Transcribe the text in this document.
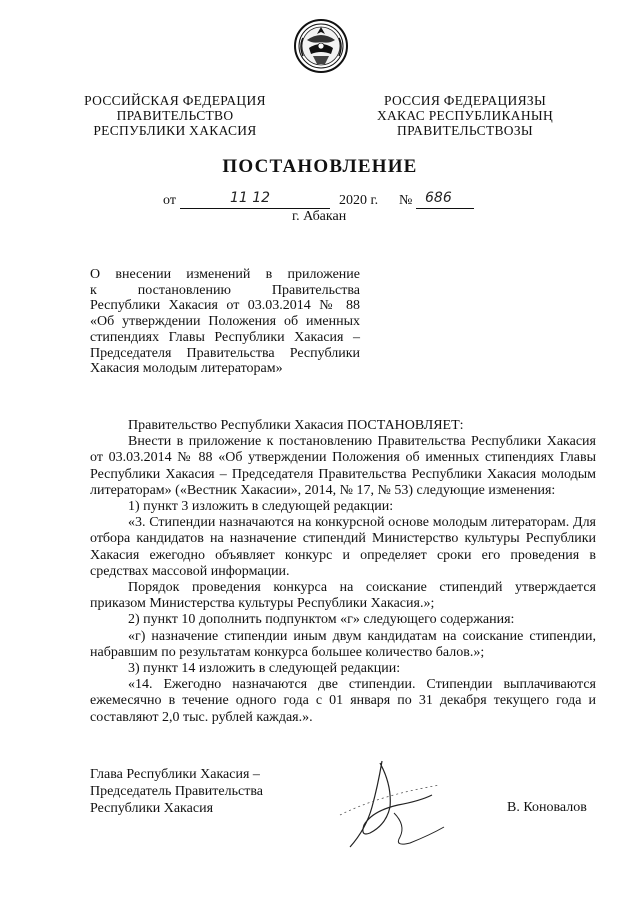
РОССИЙСКАЯ ФЕДЕРАЦИЯ
ПРАВИТЕЛЬСТВО
РЕСПУБЛИКИ ХАКАСИЯ
РОССИЯ ФЕДЕРАЦИЯЗЫ
ХАКАС РЕСПУБЛИКАНЫҢ
ПРАВИТЕЛЬСТВОЗЫ
ПОСТАНОВЛЕНИЕ
от	11 12	2020 г. № 686
г. Абакан
О внесении изменений в приложение
к постановлению Правительства
Республики Хакасия от 03.03.2014 № 88
«Об утверждении Положения об именных
стипендиях Главы Республики Хакасия –
Председателя Правительства Республики
Хакасия молодым литераторам»

Правительство Республики Хакасия ПОСТАНОВЛЯЕТ:

Внести в приложение к постановлению Правительства Республики Хакасия от 03.03.2014 № 88 «Об утверждении Положения об именных стипендиях Главы Республики Хакасия – Председателя Правительства Республики Хакасия молодым литераторам» («Вестник Хакасии», 2014, № 17, № 53) следующие изменения:

1) пункт 3 изложить в следующей редакции:

«3. Стипендии назначаются на конкурсной основе молодым литераторам. Для отбора кандидатов на назначение стипендий Министерство культуры Республики Хакасия ежегодно объявляет конкурс и определяет сроки его проведения в средствах массовой информации.

Порядок проведения конкурса на соискание стипендий утверждается приказом Министерства культуры Республики Хакасия.»;

2) пункт 10 дополнить подпунктом «г» следующего содержания:

«г) назначение стипендии иным двум кандидатам на соискание стипендии, набравшим по результатам конкурса большее количество балов.»;

3) пункт 14 изложить в следующей редакции:

«14. Ежегодно назначаются две стипендии. Стипендии выплачиваются ежемесячно в течение одного года с 01 января по 31 декабря текущего года и составляют 2,0 тыс. рублей каждая.».

Глава Республики Хакасия –
Председатель Правительства
Республики Хакасия	В. Коновалов
